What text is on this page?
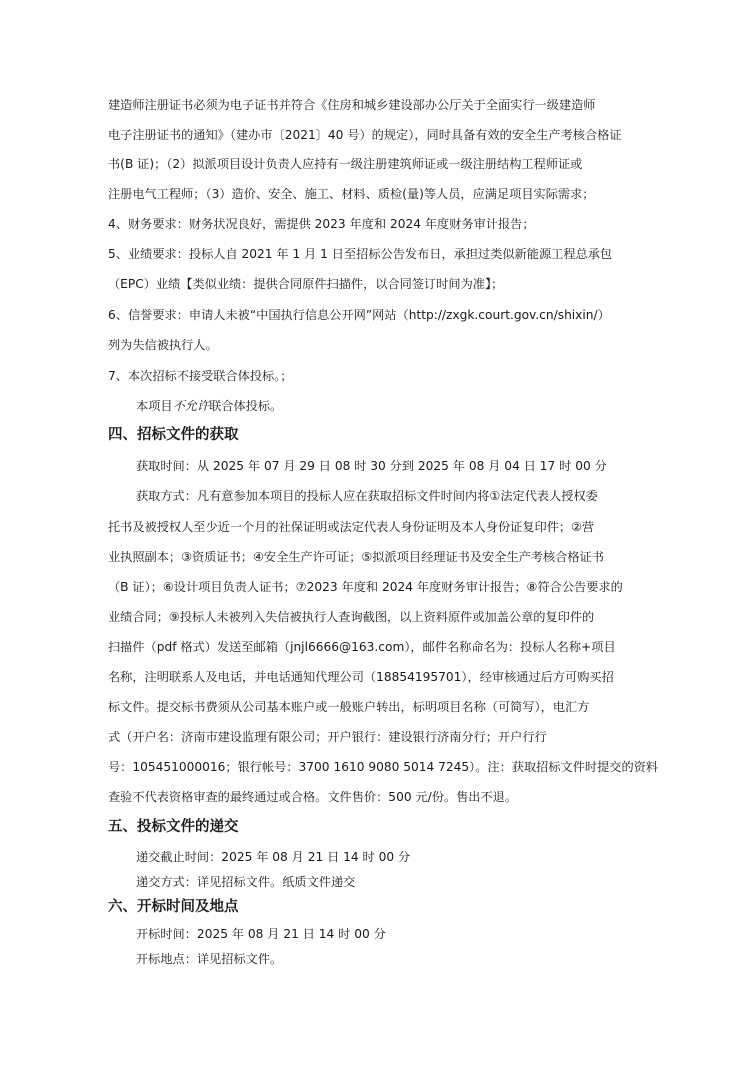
建造师注册证书必须为电子证书并符合《住房和城乡建设部办公厅关于全面实行一级建造师
电子注册证书的通知》（建办市〔2021〕40 号）的规定），同时具备有效的安全生产考核合格证
书(B 证)；（2）拟派项目设计负责人应持有一级注册建筑师证或一级注册结构工程师证或
注册电气工程师；（3）造价、安全、施工、材料、质检(量)等人员，应满足项目实际需求；
4、财务要求：财务状况良好，需提供 2023 年度和 2024 年度财务审计报告；
5、业绩要求：投标人自 2021 年 1 月 1 日至招标公告发布日，承担过类似新能源工程总承包
（EPC）业绩【类似业绩：提供合同原件扫描件，以合同签订时间为准】；
6、信誉要求：申请人未被“中国执行信息公开网”网站（http://zxgk.court.gov.cn/shixin/）
列为失信被执行人。
7、本次招标不接受联合体投标。；
本项目不允许联合体投标。
四、招标文件的获取
获取时间：从 2025 年 07 月 29 日 08 时 30 分到 2025 年 08 月 04 日 17 时 00 分
获取方式：凡有意参加本项目的投标人应在获取招标文件时间内将①法定代表人授权委
托书及被授权人至少近一个月的社保证明或法定代表人身份证明及本人身份证复印件；②营
业执照副本；③资质证书；④安全生产许可证；⑤拟派项目经理证书及安全生产考核合格证书
（B 证）；⑥设计项目负责人证书；⑦2023 年度和 2024 年度财务审计报告；⑧符合公告要求的
业绩合同；⑨投标人未被列入失信被执行人查询截图，以上资料原件或加盖公章的复印件的
扫描件（pdf 格式）发送至邮箱（jnjl6666@163.com），邮件名称命名为：投标人名称+项目
名称，注明联系人及电话，并电话通知代理公司（18854195701），经审核通过后方可购买招
标文件。提交标书费须从公司基本账户或一般账户转出，标明项目名称（可简写），电汇方
式（开户名：济南市建设监理有限公司；开户银行：建设银行济南分行；开户行行
号：105451000016；银行帐号：3700 1610 9080 5014 7245）。注：获取招标文件时提交的资料
查验不代表资格审查的最终通过或合格。文件售价：500 元/份。售出不退。
五、投标文件的递交
递交截止时间：2025 年 08 月 21 日 14 时 00 分
递交方式：详见招标文件。纸质文件递交
六、开标时间及地点
开标时间：2025 年 08 月 21 日 14 时 00 分
开标地点：详见招标文件。
